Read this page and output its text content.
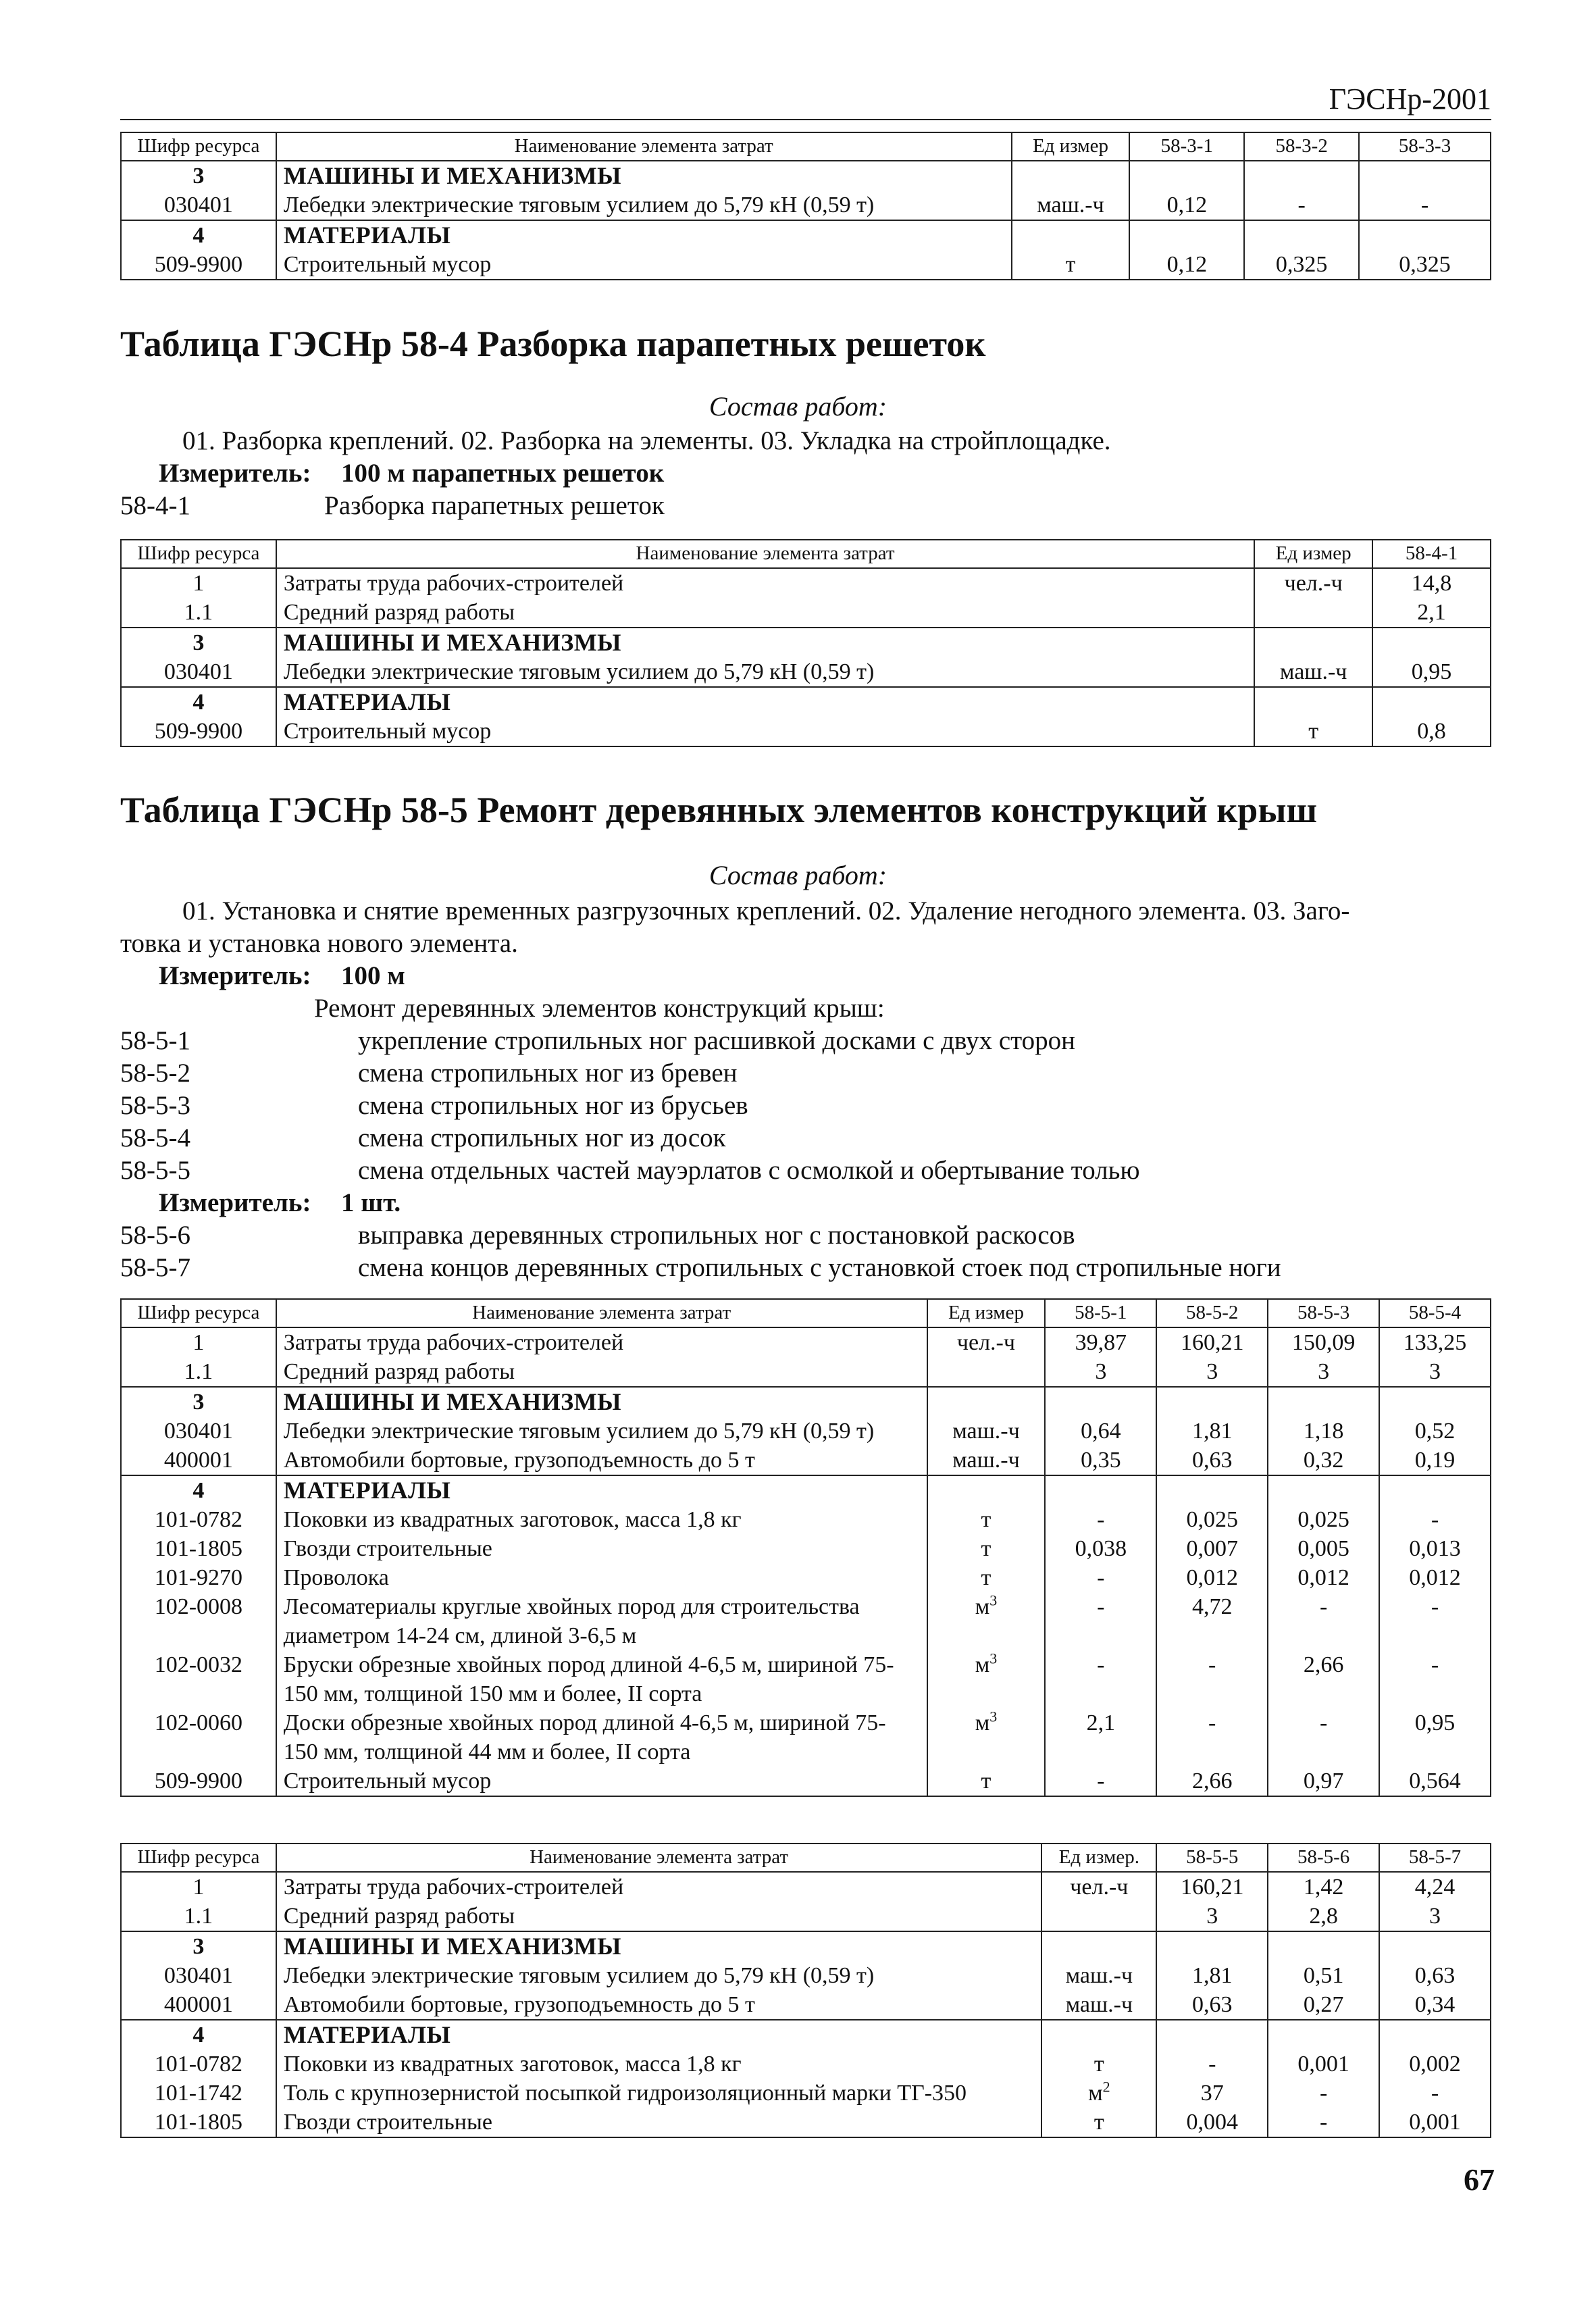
ГЭСНр-2001
Шифр ресурса	Наименование элемента затрат	Ед измер	58-3-1	58-3-2	58-3-3
3	МАШИНЫ И МЕХАНИЗМЫ				
030401	Лебедки электрические тяговым усилием до 5,79 кН (0,59 т)	маш.-ч	0,12	-	-
4	МАТЕРИАЛЫ				
509-9900	Строительный мусор	т	0,12	0,325	0,325
Таблица ГЭСНр 58-4 Разборка парапетных решеток
Состав работ:
01. Разборка креплений. 02. Разборка на элементы. 03. Укладка на стройплощадке.
Измеритель: 100 м парапетных решеток
58-4-1	Разборка парапетных решеток
Шифр ресурса	Наименование элемента затрат	Ед измер	58-4-1
1	Затраты труда рабочих-строителей	чел.-ч	14,8
1.1	Средний разряд работы		2,1
3	МАШИНЫ И МЕХАНИЗМЫ		
030401	Лебедки электрические тяговым усилием до 5,79 кН (0,59 т)	маш.-ч	0,95
4	МАТЕРИАЛЫ		
509-9900	Строительный мусор	т	0,8
Таблица ГЭСНр 58-5 Ремонт деревянных элементов конструкций крыш
Состав работ:
01. Установка и снятие временных разгрузочных креплений. 02. Удаление негодного элемента. 03. Заго-
товка и установка нового элемента.
Измеритель: 100 м
Ремонт деревянных элементов конструкций крыш:
58-5-1	укрепление стропильных ног расшивкой досками с двух сторон
58-5-2	смена стропильных ног из бревен
58-5-3	смена стропильных ног из брусьев
58-5-4	смена стропильных ног из досок
58-5-5	смена отдельных частей мауэрлатов с осмолкой и обертывание толью
Измеритель: 1 шт.
58-5-6	выправка деревянных стропильных ног с постановкой раскосов
58-5-7	смена концов деревянных стропильных с установкой стоек под стропильные ноги
Шифр ресурса	Наименование элемента затрат	Ед измер	58-5-1	58-5-2	58-5-3	58-5-4
1	Затраты труда рабочих-строителей	чел.-ч	39,87	160,21	150,09	133,25
1.1	Средний разряд работы		3	3	3	3
3	МАШИНЫ И МЕХАНИЗМЫ					
030401	Лебедки электрические тяговым усилием до 5,79 кН (0,59 т)	маш.-ч	0,64	1,81	1,18	0,52
400001	Автомобили бортовые, грузоподъемность до 5 т	маш.-ч	0,35	0,63	0,32	0,19
4	МАТЕРИАЛЫ					
101-0782	Поковки из квадратных заготовок, масса 1,8 кг	т	-	0,025	0,025	-
101-1805	Гвозди строительные	т	0,038	0,007	0,005	0,013
101-9270	Проволока	т	-	0,012	0,012	0,012
102-0008	Лесоматериалы круглые хвойных пород для строительства диаметром 14-24 см, длиной 3-6,5 м	$м^3$	-	4,72	-	-
102-0032	Бруски обрезные хвойных пород длиной 4-6,5 м, шириной 75-150 мм, толщиной 150 мм и более, II сорта	$м^3$	-	-	2,66	-
102-0060	Доски обрезные хвойных пород длиной 4-6,5 м, шириной 75-150 мм, толщиной 44 мм и более, II сорта	$м^3$	2,1	-	-	0,95
509-9900	Строительный мусор	т	-	2,66	0,97	0,564
Шифр ресурса	Наименование элемента затрат	Ед измер.	58-5-5	58-5-6	58-5-7
1	Затраты труда рабочих-строителей	чел.-ч	160,21	1,42	4,24
1.1	Средний разряд работы		3	2,8	3
3	МАШИНЫ И МЕХАНИЗМЫ				
030401	Лебедки электрические тяговым усилием до 5,79 кН (0,59 т)	маш.-ч	1,81	0,51	0,63
400001	Автомобили бортовые, грузоподъемность до 5 т	маш.-ч	0,63	0,27	0,34
4	МАТЕРИАЛЫ				
101-0782	Поковки из квадратных заготовок, масса 1,8 кг	т	-	0,001	0,002
101-1742	Толь с крупнозернистой посыпкой гидроизоляционный марки ТГ-350	$м^2$	37	-	-
101-1805	Гвозди строительные	т	0,004	-	0,001
67
